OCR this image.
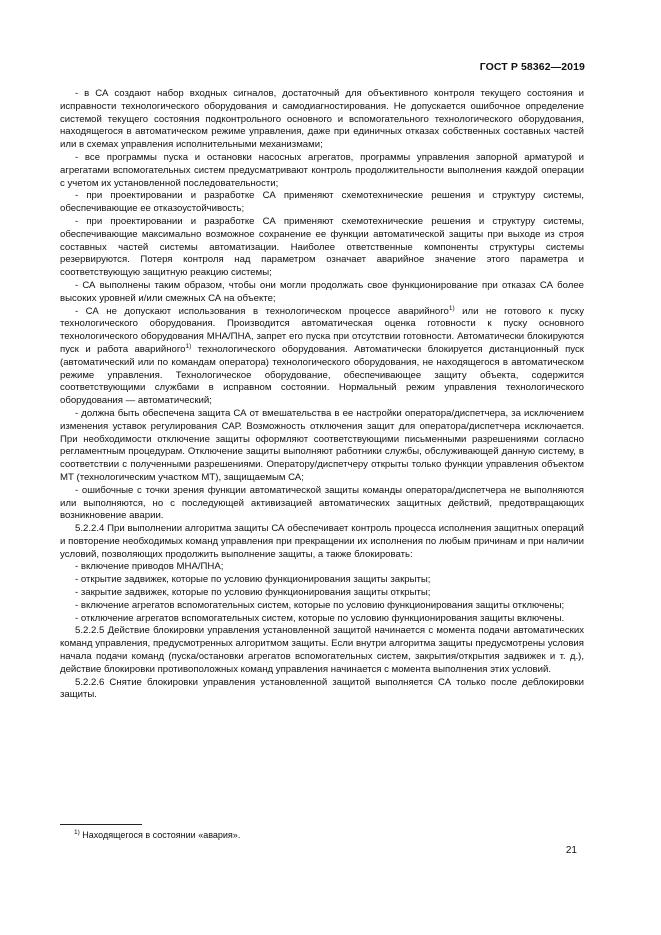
ГОСТ Р 58362—2019

- в СА создают набор входных сигналов, достаточный для объективного контроля текущего состояния и исправности технологического оборудования и самодиагностирования. Не допускается ошибочное определение системой текущего состояния подконтрольного основного и вспомогательного технологического оборудования, находящегося в автоматическом режиме управления, даже при единичных отказах собственных составных частей или в схемах управления исполнительными механизмами;

- все программы пуска и остановки насосных агрегатов, программы управления запорной арматурой и агрегатами вспомогательных систем предусматривают контроль продолжительности выполнения каждой операции с учетом их установленной последовательности;

- при проектировании и разработке СА применяют схемотехнические решения и структуру системы, обеспечивающие ее отказоустойчивость;

- при проектировании и разработке СА применяют схемотехнические решения и структуру системы, обеспечивающие максимально возможное сохранение ее функции автоматической защиты при выходе из строя составных частей системы автоматизации. Наиболее ответственные компоненты структуры системы резервируются. Потеря контроля над параметром означает аварийное значение этого параметра и соответствующую защитную реакцию системы;

- СА выполнены таким образом, чтобы они могли продолжать свое функционирование при отказах СА более высоких уровней и/или смежных СА на объекте;

- СА не допускают использования в технологическом процессе аварийного$^{1)}$ или не готового к пуску технологического оборудования. Производится автоматическая оценка готовности к пуску основного технологического оборудования МНА/ПНА, запрет его пуска при отсутствии готовности. Автоматически блокируются пуск и работа аварийного$^{1)}$ технологического оборудования. Автоматически блокируется дистанционный пуск (автоматический или по командам оператора) технологического оборудования, не находящегося в автоматическом режиме управления. Технологическое оборудование, обеспечивающее защиту объекта, содержится соответствующими службами в исправном состоянии. Нормальный режим управления технологического оборудования — автоматический;

- должна быть обеспечена защита СА от вмешательства в ее настройки оператора/диспетчера, за исключением изменения уставок регулирования САР. Возможность отключения защит для оператора/диспетчера исключается. При необходимости отключение защиты оформляют соответствующими письменными разрешениями согласно регламентным процедурам. Отключение защиты выполняют работники службы, обслуживающей данную систему, в соответствии с полученными разрешениями. Оператору/диспетчеру открыты только функции управления объектом МТ (технологическим участком МТ), защищаемым СА;

- ошибочные с точки зрения функции автоматической защиты команды оператора/диспетчера не выполняются или выполняются, но с последующей активизацией автоматических защитных действий, предотвращающих возникновение аварии.

5.2.2.4 При выполнении алгоритма защиты СА обеспечивает контроль процесса исполнения защитных операций и повторение необходимых команд управления при прекращении их исполнения по любым причинам и при наличии условий, позволяющих продолжить выполнение защиты, а также блокировать:

- включение приводов МНА/ПНА;

- открытие задвижек, которые по условию функционирования защиты закрыты;

- закрытие задвижек, которые по условию функционирования защиты открыты;

- включение агрегатов вспомогательных систем, которые по условию функционирования защиты отключены;

- отключение агрегатов вспомогательных систем, которые по условию функционирования защиты включены.

5.2.2.5 Действие блокировки управления установленной защитой начинается с момента подачи автоматических команд управления, предусмотренных алгоритмом защиты. Если внутри алгоритма защиты предусмотрены условия начала подачи команд (пуска/остановки агрегатов вспомогательных систем, закрытия/открытия задвижек и т. д.), действие блокировки противоположных команд управления начинается с момента выполнения этих условий.

5.2.2.6 Снятие блокировки управления установленной защитой выполняется СА только после деблокировки защиты.

$^{1)}$ Находящегося в состоянии «авария».
21
